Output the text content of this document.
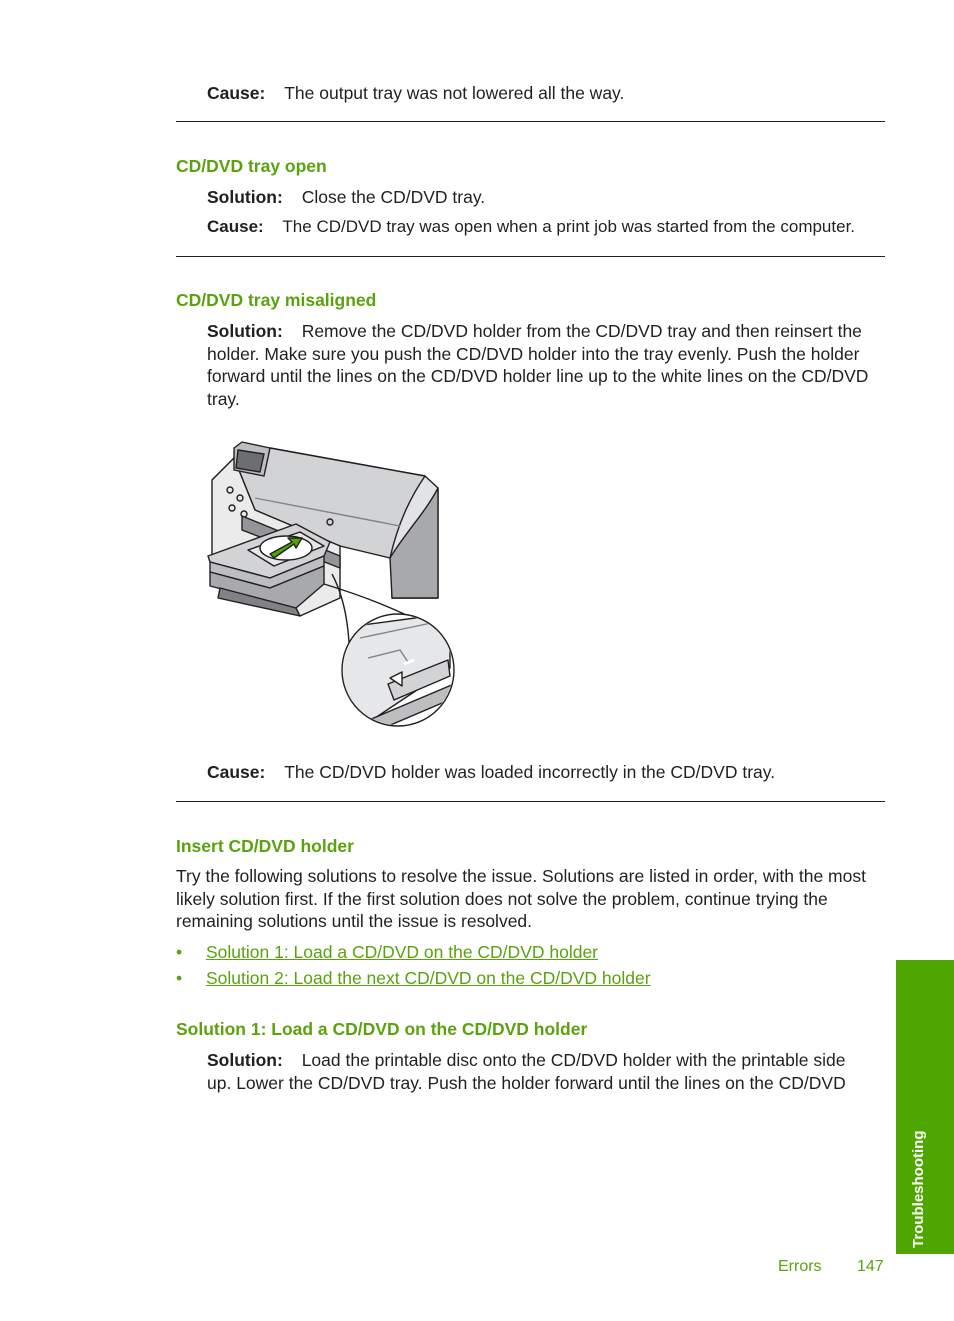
Cause: The output tray was not lowered all the way.
CD/DVD tray open
Solution: Close the CD/DVD tray.
Cause: The CD/DVD tray was open when a print job was started from the computer.
CD/DVD tray misaligned
Solution: Remove the CD/DVD holder from the CD/DVD tray and then reinsert the
holder. Make sure you push the CD/DVD holder into the tray evenly. Push the holder
forward until the lines on the CD/DVD holder line up to the white lines on the CD/DVD
tray.
Cause: The CD/DVD holder was loaded incorrectly in the CD/DVD tray.
Insert CD/DVD holder
Try the following solutions to resolve the issue. Solutions are listed in order, with the most
likely solution first. If the first solution does not solve the problem, continue trying the
remaining solutions until the issue is resolved.
• Solution 1: Load a CD/DVD on the CD/DVD holder
• Solution 2: Load the next CD/DVD on the CD/DVD holder
Solution 1: Load a CD/DVD on the CD/DVD holder
Solution: Load the printable disc onto the CD/DVD holder with the printable side
up. Lower the CD/DVD tray. Push the holder forward until the lines on the CD/DVD
Troubleshooting
Errors 147
